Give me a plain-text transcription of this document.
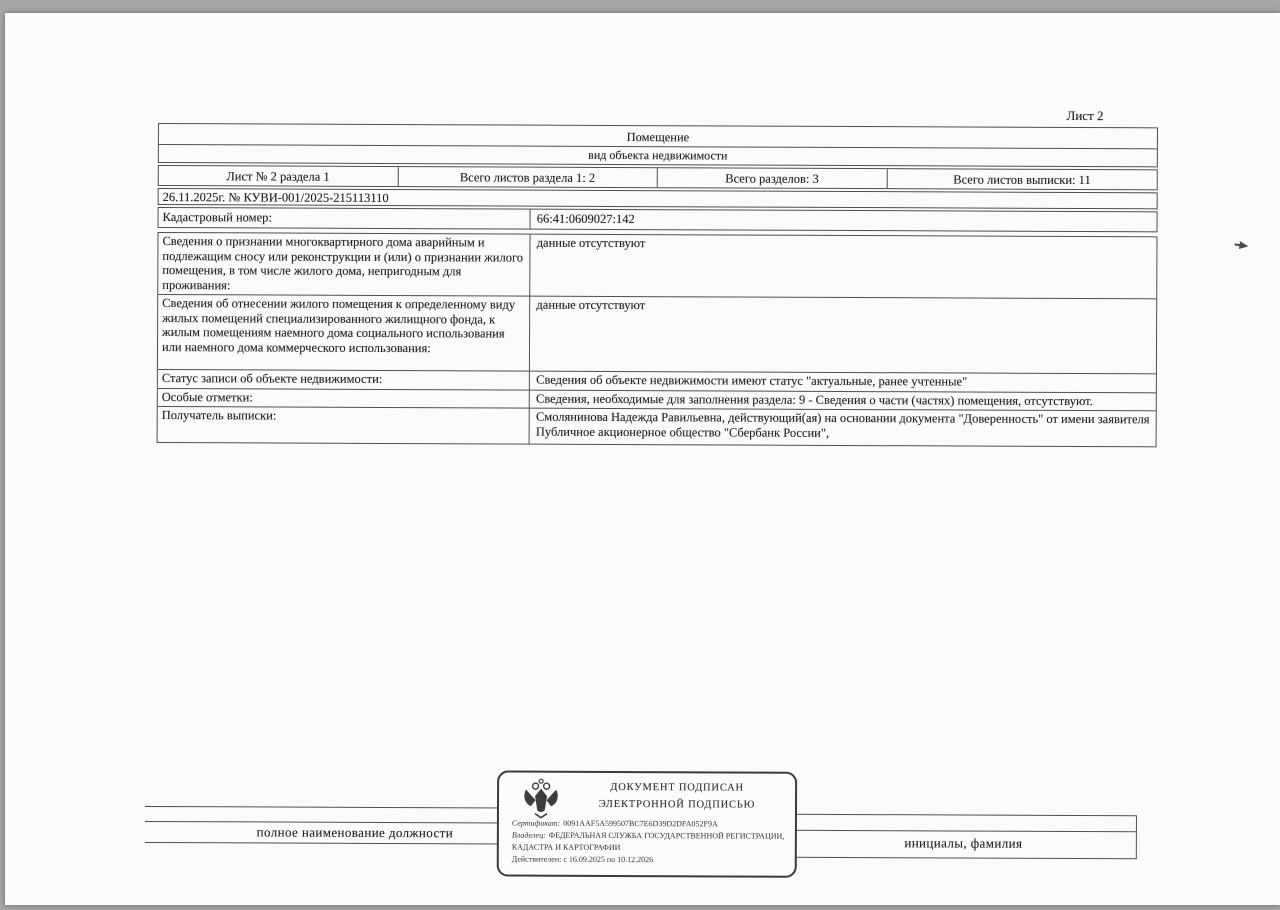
Лист 2
Помещение
вид объекта недвижимости
Лист № 2 раздела 1	Всего листов раздела 1: 2	Всего разделов: 3	Всего листов выписки: 11
26.11.2025г. № КУВИ-001/2025-215113110
Кадастровый номер:	66:41:0609027:142
Сведения о признании многоквартирного дома аварийным и подлежащим сносу или реконструкции и (или) о признании жилого помещения, в том числе жилого дома, непригодным для проживания:
данные отсутствуют
Сведения об отнесении жилого помещения к определенному виду жилых помещений специализированного жилищного фонда, к жилым помещениям наемного дома социального использования или наемного дома коммерческого использования:
данные отсутствуют
Статус записи об объекте недвижимости:	Сведения об объекте недвижимости имеют статус "актуальные, ранее учтенные"
Особые отметки:	Сведения, необходимые для заполнения раздела: 9 - Сведения о части (частях) помещения, отсутствуют.
Получатель выписки:	Смолянинова Надежда Равильевна, действующий(ая) на основании документа "Доверенность" от имени заявителя Публичное акционерное общество "Сбербанк России",
полное наименование должности
инициалы, фамилия
ДОКУМЕНТ ПОДПИСАН
ЭЛЕКТРОННОЙ ПОДПИСЬЮ
Сертификат: 0091AAF5A599507BC7E6D39D2DFA052F9A
Владелец: ФЕДЕРАЛЬНАЯ СЛУЖБА ГОСУДАРСТВЕННОЙ РЕГИСТРАЦИИ, КАДАСТРА И КАРТОГРАФИИ
Действителен: с 16.09.2025 по 10.12.2026
